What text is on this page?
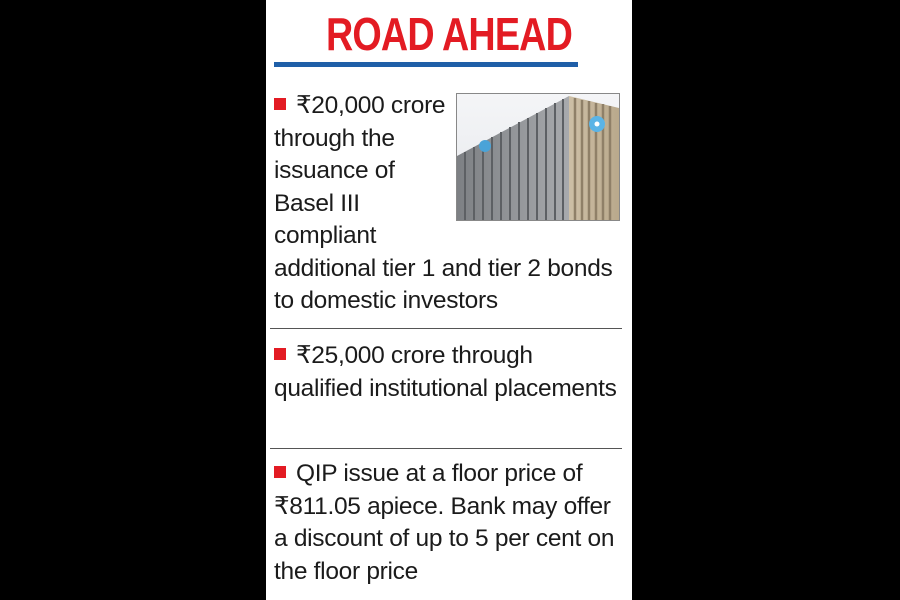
ROAD AHEAD
₹20,000 crore through the issuance of Basel III compliant additional tier 1 and tier 2 bonds to domestic investors
₹25,000 crore through qualified institutional placements
QIP issue at a floor price of ₹811.05 apiece. Bank may offer a discount of up to 5 per cent on the floor price
